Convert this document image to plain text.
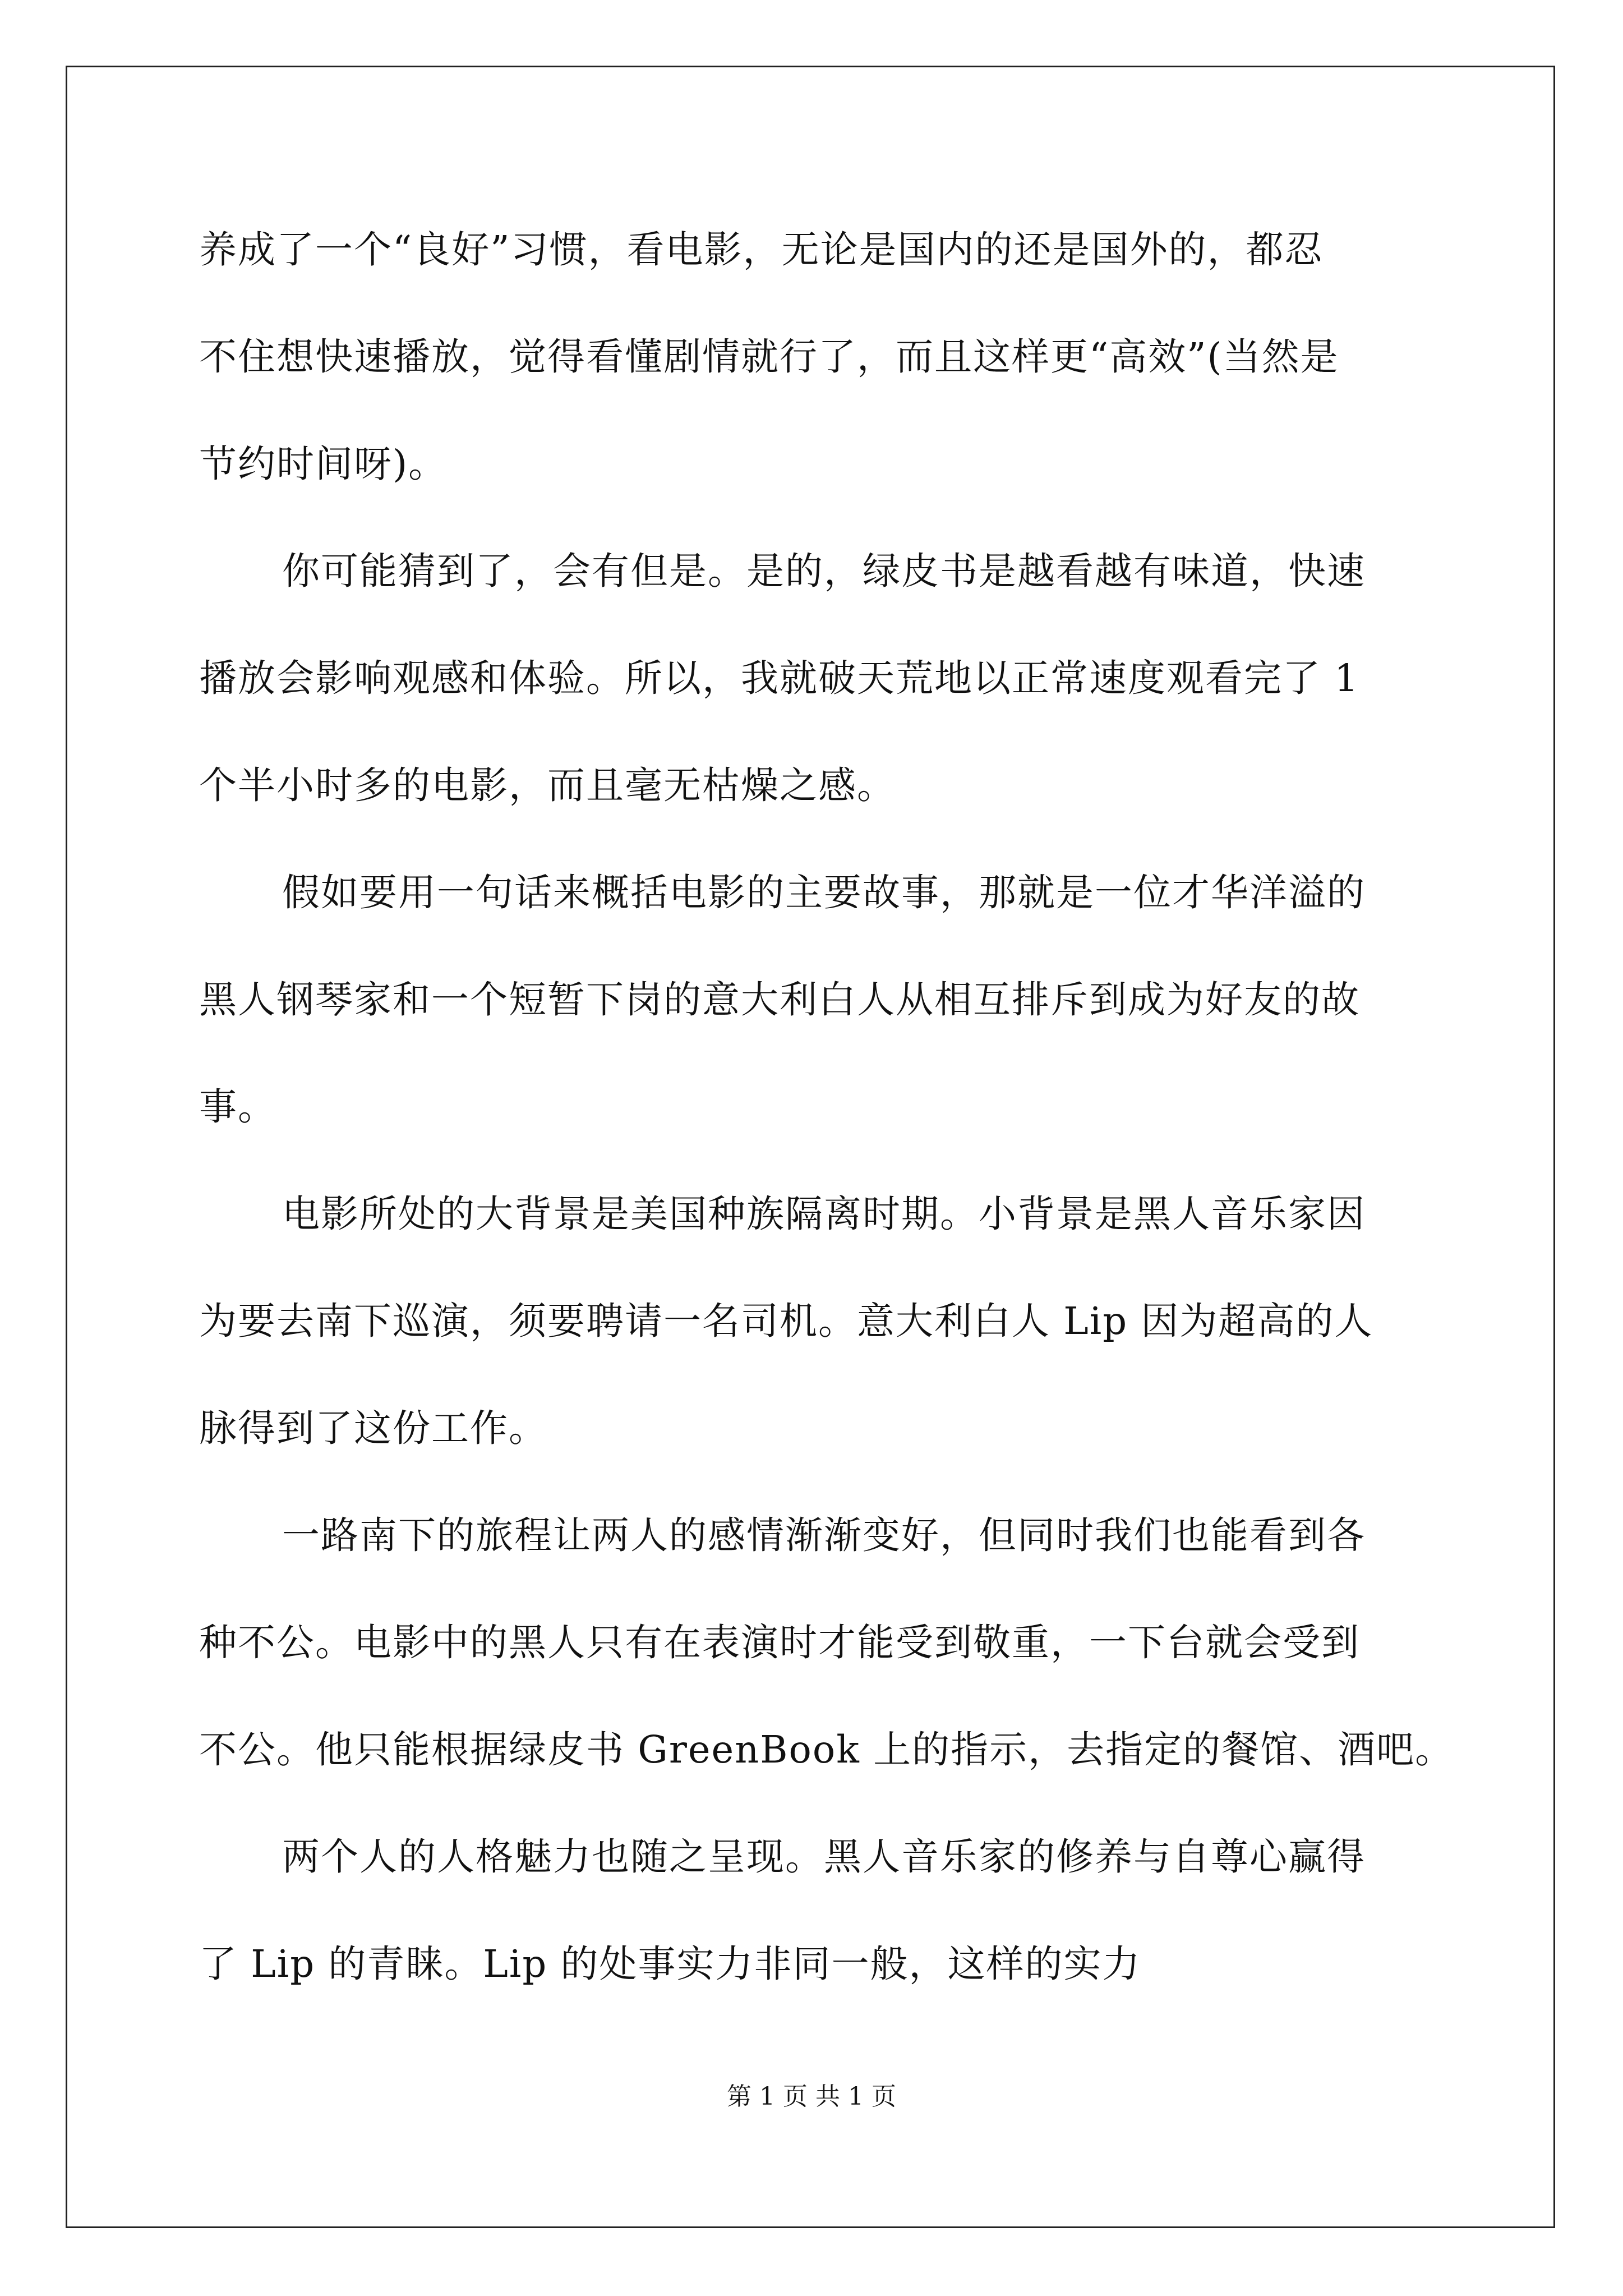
养成了一个“良好”习惯，看电影，无论是国内的还是国外的，都忍
不住想快速播放，觉得看懂剧情就行了，而且这样更“高效”(当然是
节约时间呀)。
你可能猜到了，会有但是。是的，绿皮书是越看越有味道，快速
播放会影响观感和体验。所以，我就破天荒地以正常速度观看完了 1
个半小时多的电影，而且毫无枯燥之感。
假如要用一句话来概括电影的主要故事，那就是一位才华洋溢的
黑人钢琴家和一个短暂下岗的意大利白人从相互排斥到成为好友的故
事。
电影所处的大背景是美国种族隔离时期。小背景是黑人音乐家因
为要去南下巡演，须要聘请一名司机。意大利白人 Lip 因为超高的人
脉得到了这份工作。
一路南下的旅程让两人的感情渐渐变好，但同时我们也能看到各
种不公。电影中的黑人只有在表演时才能受到敬重，一下台就会受到
不公。他只能根据绿皮书 GreenBook 上的指示，去指定的餐馆、酒吧。
两个人的人格魅力也随之呈现。黑人音乐家的修养与自尊心赢得
了 Lip 的青睐。Lip 的处事实力非同一般，这样的实力
第 1 页 共 1 页
